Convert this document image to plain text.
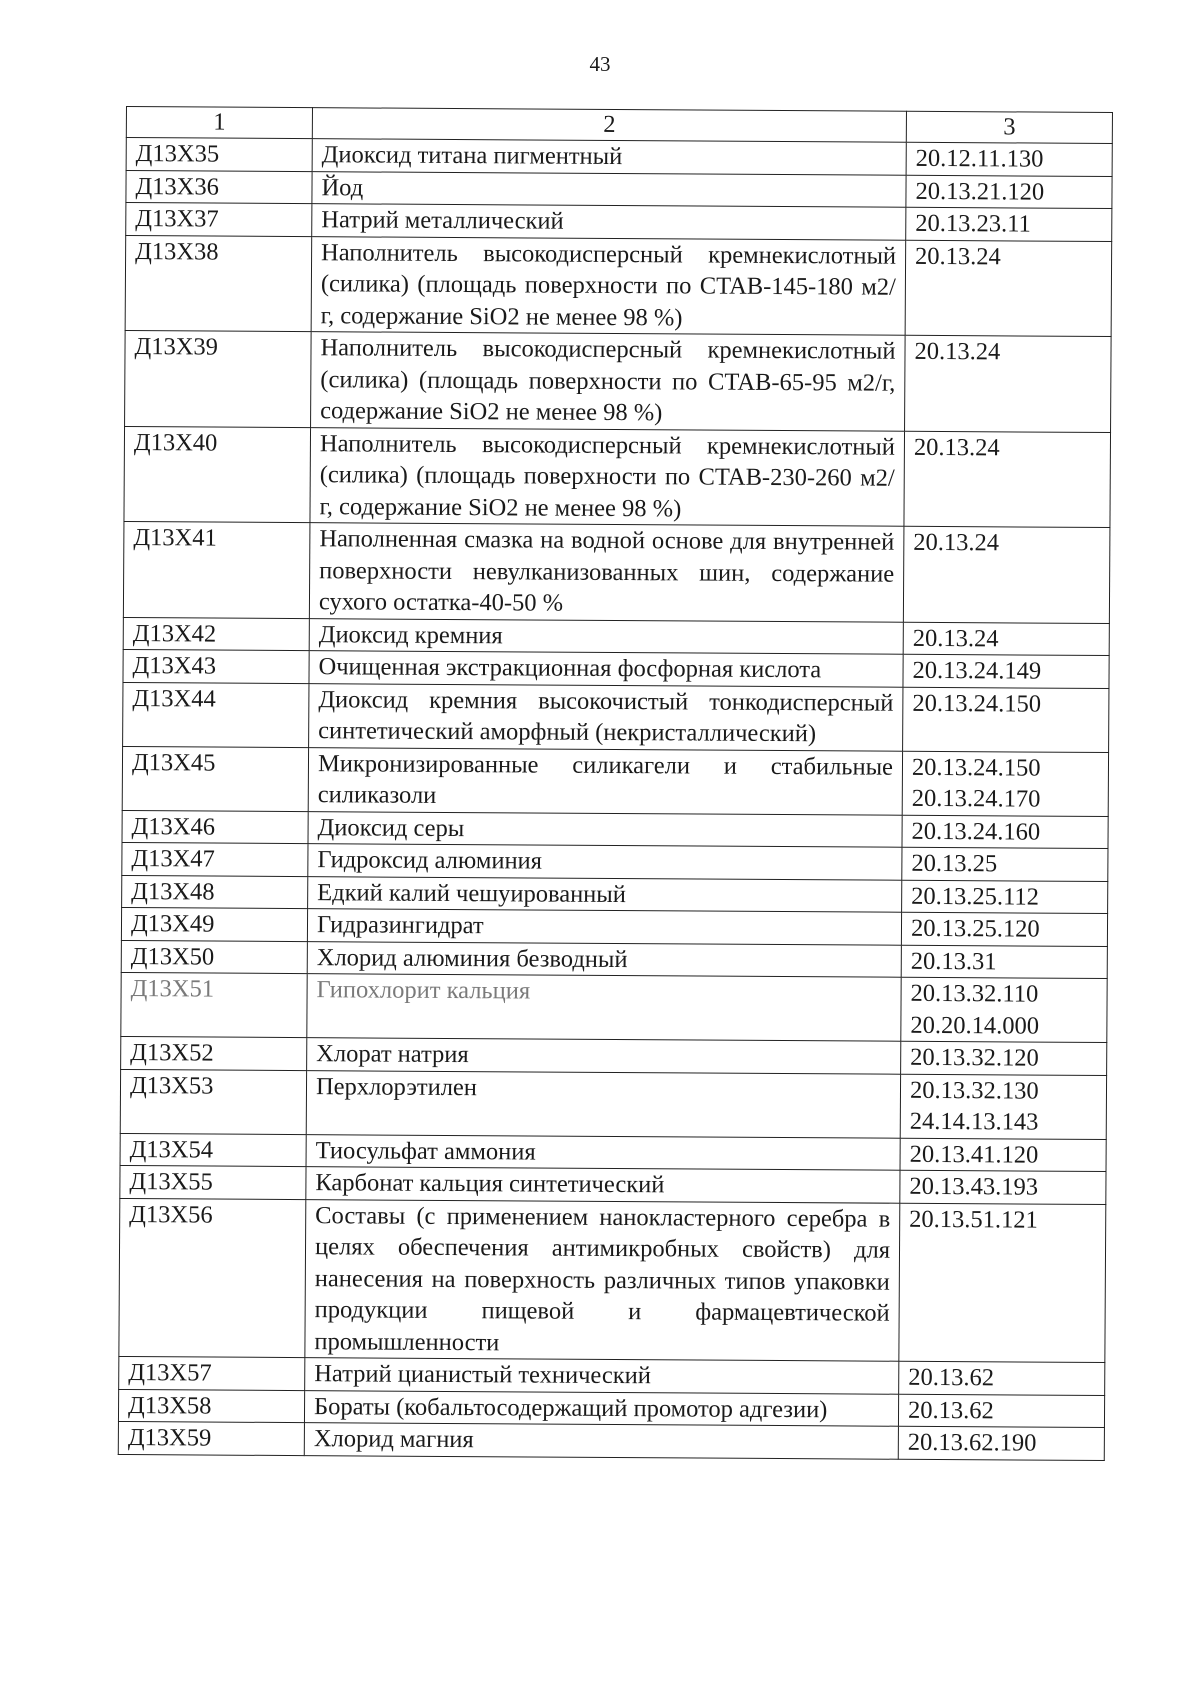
43
1	2	3
Д13Х35	Диоксид титана пигментный	20.12.11.130

Д13Х36	Йод	20.13.21.120

Д13Х37	Натрий металлический	20.13.23.11

Д13Х38	Наполнитель высокодисперсный кремнекислотный (силика) (площадь поверхности по CTAB-145-180 м2/г, содержание SiO2 не менее 98 %)	20.13.24

Д13Х39	Наполнитель высокодисперсный кремнекислотный (силика) (площадь поверхности по CTAB-65-95 м2/г, содержание SiO2 не менее 98 %)	20.13.24

Д13Х40	Наполнитель высокодисперсный кремнекислотный (силика) (площадь поверхности по CTAB-230-260 м2/г, содержание SiO2 не менее 98 %)	20.13.24

Д13Х41	Наполненная смазка на водной основе для внутренней поверхности невулканизованных шин, содержание сухого остатка-40-50 %	20.13.24

Д13Х42	Диоксид кремния	20.13.24

Д13Х43	Очищенная экстракционная фосфорная кислота	20.13.24.149

Д13Х44	Диоксид кремния высокочистый тонкодисперсный синтетический аморфный (некристаллический)	20.13.24.150

Д13Х45	Микронизированные силикагели и стабильные силиказоли	20.13.24.150
20.13.24.170

Д13Х46	Диоксид серы	20.13.24.160

Д13Х47	Гидроксид алюминия	20.13.25

Д13Х48	Едкий калий чешуированный	20.13.25.112

Д13Х49	Гидразингидрат	20.13.25.120

Д13Х50	Хлорид алюминия безводный	20.13.31

Д13Х51	Гипохлорит кальция	20.13.32.110
20.20.14.000

Д13Х52	Хлорат натрия	20.13.32.120

Д13Х53	Перхлорэтилен	20.13.32.130
24.14.13.143

Д13Х54	Тиосульфат аммония	20.13.41.120

Д13Х55	Карбонат кальция синтетический	20.13.43.193

Д13Х56	Составы (с применением нанокластерного серебра в целях обеспечения антимикробных свойств) для нанесения на поверхность различных типов упаковки продукции пищевой и фармацевтической промышленности	20.13.51.121

Д13Х57	Натрий цианистый технический	20.13.62

Д13Х58	Бораты (кобальтосодержащий промотор адгезии)	20.13.62

Д13Х59	Хлорид магния	20.13.62.190
